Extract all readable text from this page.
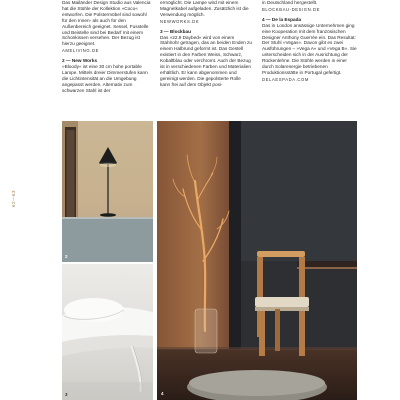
62—63

Das Mailänder Design Studio aus Valencia hat die Stühle der Kollektion »Coco« entworfen. Die Polstermöbel sind sowohl für den Innen- als auch für den Außenbereich geeignet. Sessel, Fusstelle und Beistelle sind bei Bedarf mit einem Schonkissen versehen. Der Bezug ist hierzu geeignet.

AMELIVING.DE

2 — New Works

»Bloody« ist eine 30 cm hohe portable Lampe. Mittels dreier Dimmerstufen kann die Lichtintensität an die Umgebung angepasst werden. Alternativ zum schwarzen Stahl ist der

ermöglicht. Die Lampe wird mit einem Magnetkabel aufgeladen. Zusätzlich ist die Verwendung möglich.

NEWWORKS.DK

3 — Blockbau

Das »22.9 Daybed« wird von einem Stahlrohr getragen, das an beiden Enden zu einem Halbrund geformt ist. Das Gestell existiert in den Farben Weiss, Schwarz, Kobaltblau oder verchromt. Auch der Bezug ist in verschiedenen Farben und Materialien erhältlich. Er kann abgenommen und gereinigt werden. Die gepolsterte Rolle kann frei auf dem Objekt posi-

in Deutschland hergestellt.

BLOCKBAU-DESIGN.DE

4 — De la Espada

Das in London ansässige Unternehmen ging eine Kooperation mit dem französischen Designer Anthony Guerrée ein. Das Resultat: Der Stuhl »Vegas«. Davon gibt es zwei Ausführungen – »Vega A« und »Vega B«. Sie unterscheiden sich in der Ausrichtung der Rückenlehne. Die Stühle werden in einer durch Solarenergie betriebenen Produktionsstätte in Portugal gefertigt.

DELAESPADA.COM

2
3	4
